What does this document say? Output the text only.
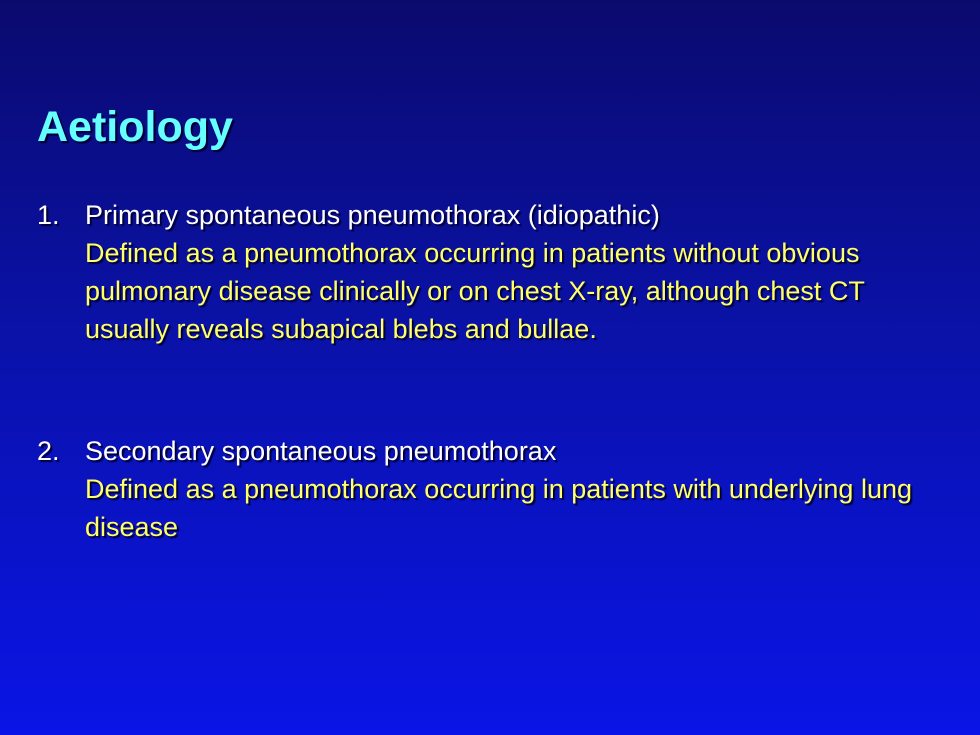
Aetiology
1. Primary spontaneous pneumothorax (idiopathic)
Defined as a pneumothorax occurring in patients without obvious pulmonary disease clinically or on chest X-ray, although chest CT usually reveals subapical blebs and bullae.
2. Secondary spontaneous pneumothorax
Defined as a pneumothorax occurring in patients with underlying lung disease
